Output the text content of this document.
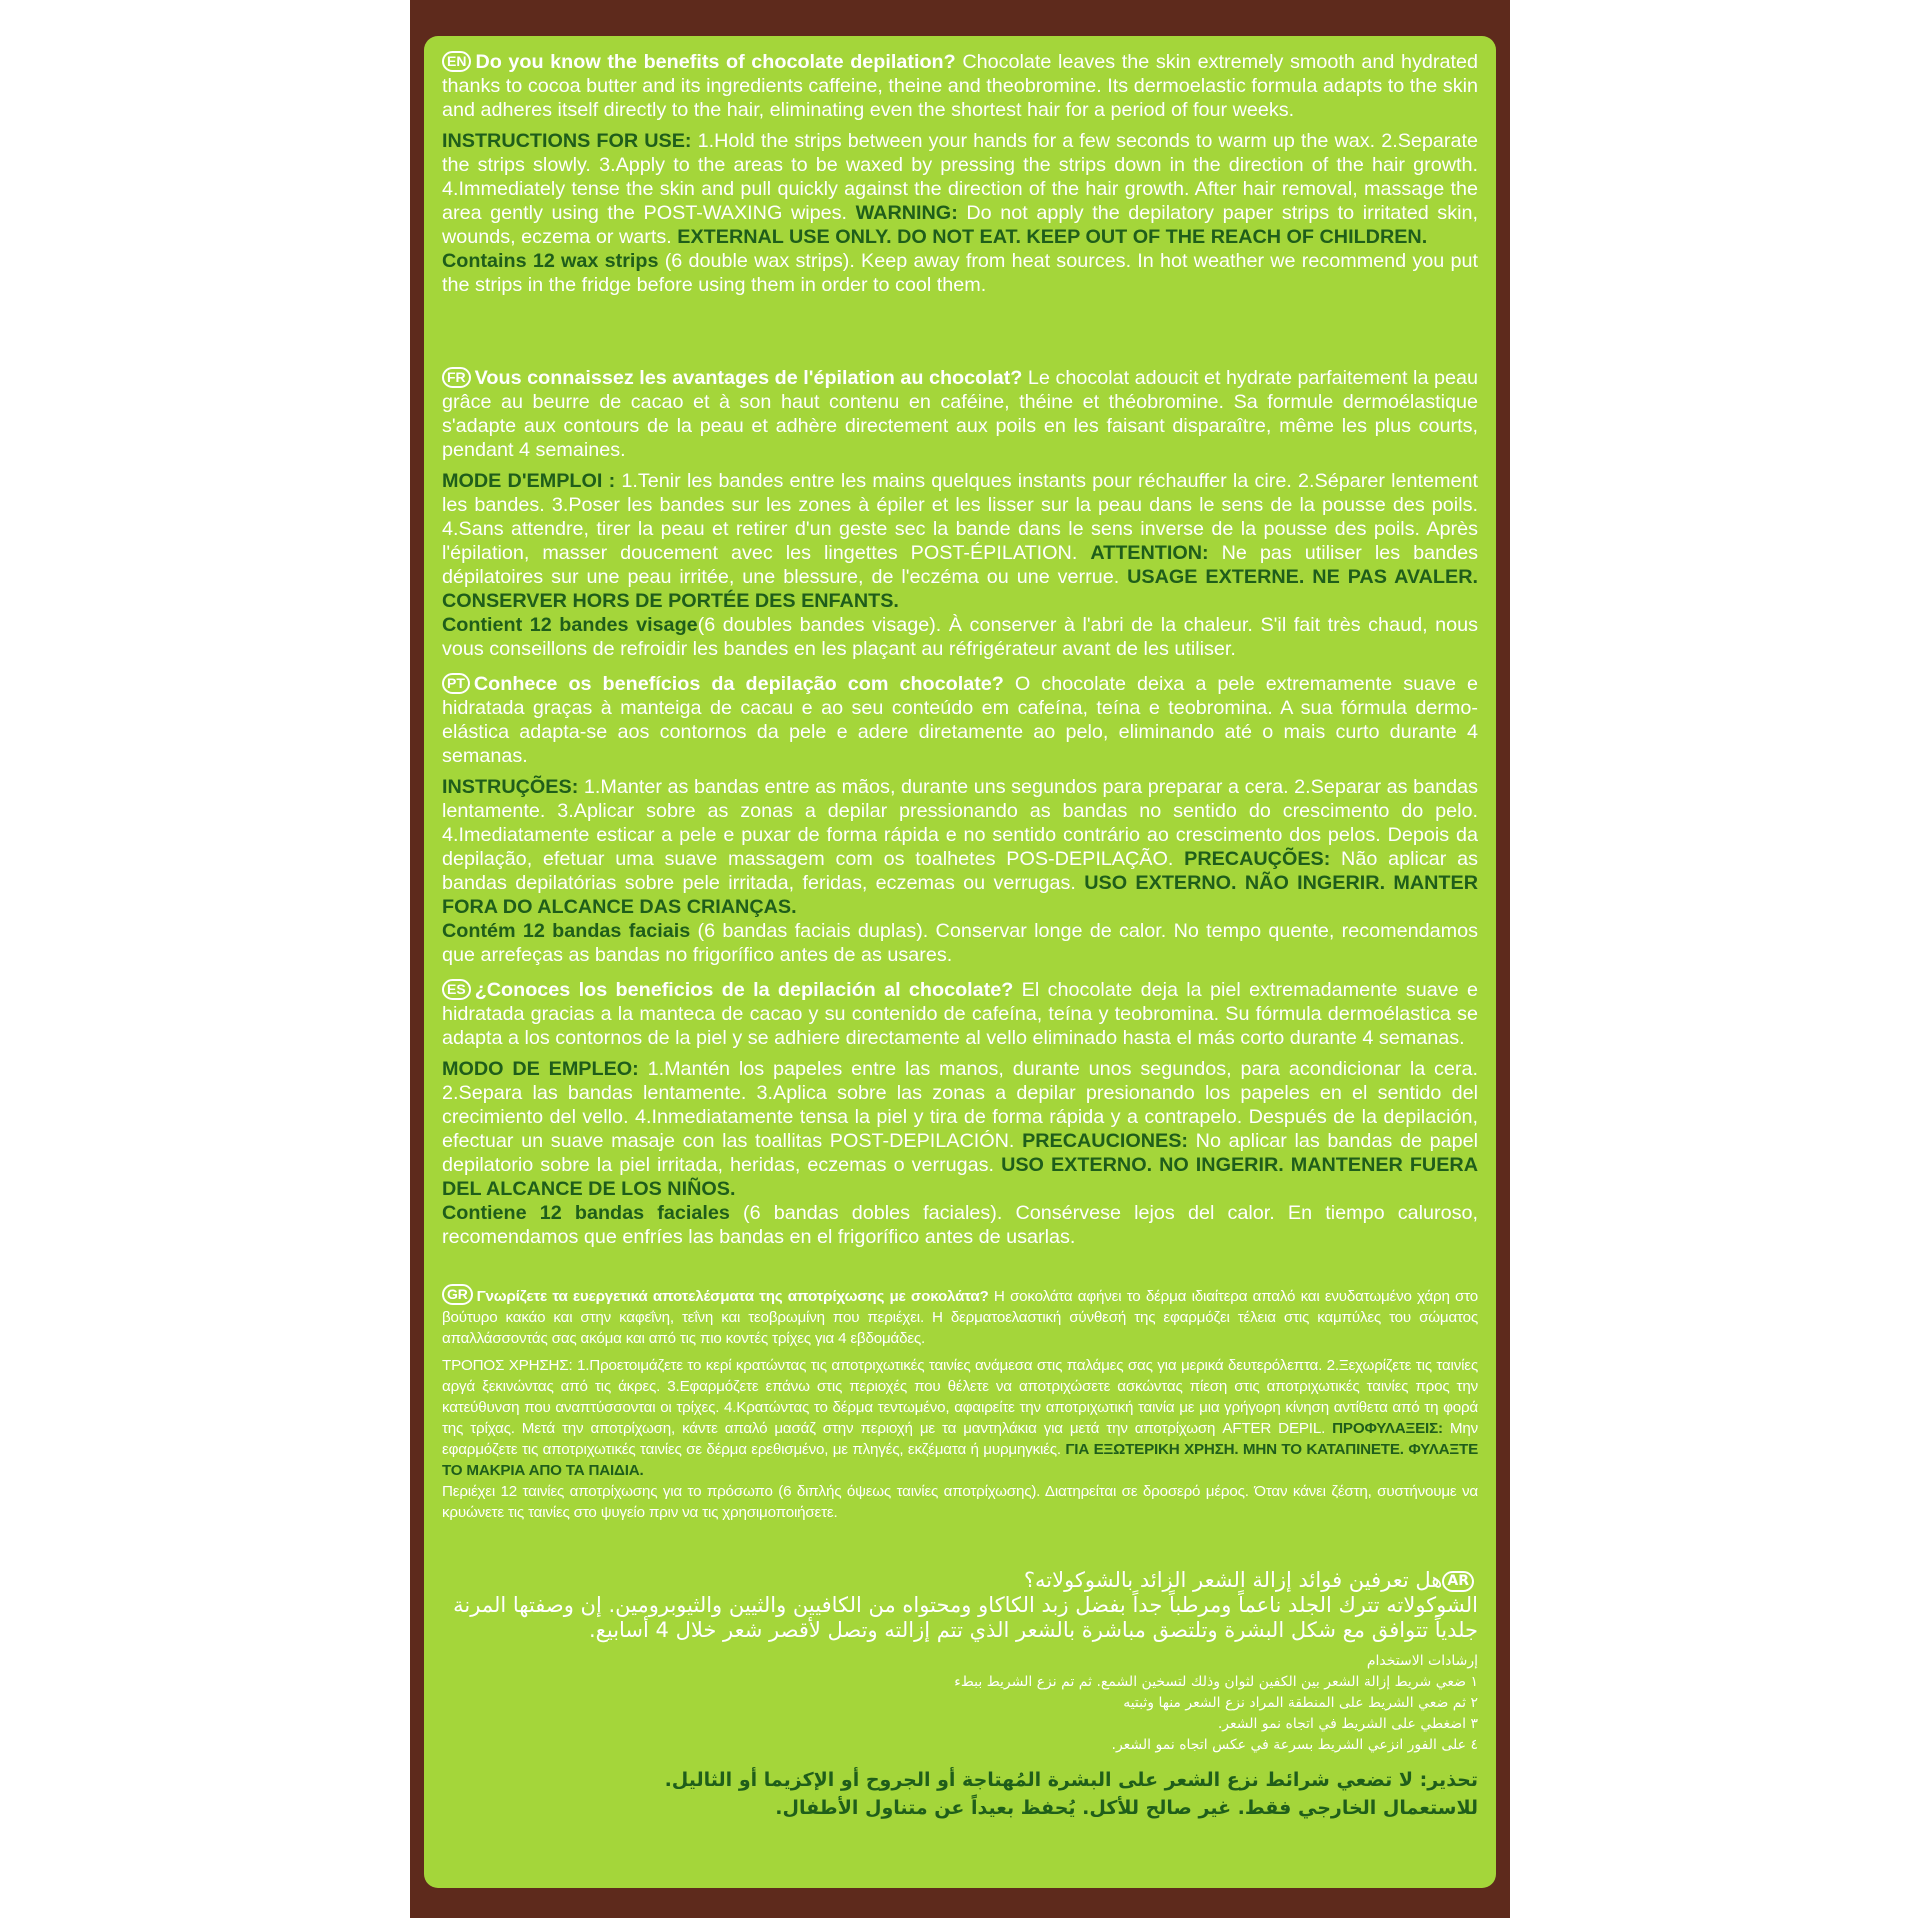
EN Do you know the benefits of chocolate depilation? Chocolate leaves the skin extremely smooth and hydrated thanks to cocoa butter and its ingredients caffeine, theine and theobromine. Its dermoelastic formula adapts to the skin and adheres itself directly to the hair, eliminating even the shortest hair for a period of four weeks.

INSTRUCTIONS FOR USE: 1.Hold the strips between your hands for a few seconds to warm up the wax. 2.Separate the strips slowly. 3.Apply to the areas to be waxed by pressing the strips down in the direction of the hair growth. 4.Immediately tense the skin and pull quickly against the direction of the hair growth. After hair removal, massage the area gently using the POST-WAXING wipes. WARNING: Do not apply the depilatory paper strips to irritated skin, wounds, eczema or warts. EXTERNAL USE ONLY. DO NOT EAT. KEEP OUT OF THE REACH OF CHILDREN.

Contains 12 wax strips (6 double wax strips). Keep away from heat sources. In hot weather we recommend you put the strips in the fridge before using them in order to cool them.

FR Vous connaissez les avantages de l'épilation au chocolat? Le chocolat adoucit et hydrate parfaitement la peau grâce au beurre de cacao et à son haut contenu en caféine, théine et théobromine. Sa formule dermoélastique s'adapte aux contours de la peau et adhère directement aux poils en les faisant disparaître, même les plus courts, pendant 4 semaines.

MODE D'EMPLOI : 1.Tenir les bandes entre les mains quelques instants pour réchauffer la cire. 2.Séparer lentement les bandes. 3.Poser les bandes sur les zones à épiler et les lisser sur la peau dans le sens de la pousse des poils. 4.Sans attendre, tirer la peau et retirer d'un geste sec la bande dans le sens inverse de la pousse des poils. Après l'épilation, masser doucement avec les lingettes POST-ÉPILATION. ATTENTION: Ne pas utiliser les bandes dépilatoires sur une peau irritée, une blessure, de l'eczéma ou une verrue. USAGE EXTERNE. NE PAS AVALER. CONSERVER HORS DE PORTÉE DES ENFANTS.

Contient 12 bandes visage(6 doubles bandes visage). À conserver à l'abri de la chaleur. S'il fait très chaud, nous vous conseillons de refroidir les bandes en les plaçant au réfrigérateur avant de les utiliser.

PT Conhece os benefícios da depilação com chocolate? O chocolate deixa a pele extremamente suave e hidratada graças à manteiga de cacau e ao seu conteúdo em cafeína, teína e teobromina. A sua fórmula dermo-elástica adapta-se aos contornos da pele e adere diretamente ao pelo, eliminando até o mais curto durante 4 semanas.

INSTRUÇÕES: 1.Manter as bandas entre as mãos, durante uns segundos para preparar a cera. 2.Separar as bandas lentamente. 3.Aplicar sobre as zonas a depilar pressionando as bandas no sentido do crescimento do pelo. 4.Imediatamente esticar a pele e puxar de forma rápida e no sentido contrário ao crescimento dos pelos. Depois da depilação, efetuar uma suave massagem com os toalhetes POS-DEPILAÇÃO. PRECAUÇÕES: Não aplicar as bandas depilatórias sobre pele irritada, feridas, eczemas ou verrugas. USO EXTERNO. NÃO INGERIR. MANTER FORA DO ALCANCE DAS CRIANÇAS.

Contém 12 bandas faciais (6 bandas faciais duplas). Conservar longe de calor. No tempo quente, recomendamos que arrefeças as bandas no frigorífico antes de as usares.

ES ¿Conoces los beneficios de la depilación al chocolate? El chocolate deja la piel extremadamente suave e hidratada gracias a la manteca de cacao y su contenido de cafeína, teína y teobromina. Su fórmula dermoélastica se adapta a los contornos de la piel y se adhiere directamente al vello eliminado hasta el más corto durante 4 semanas.

MODO DE EMPLEO: 1.Mantén los papeles entre las manos, durante unos segundos, para acondicionar la cera. 2.Separa las bandas lentamente. 3.Aplica sobre las zonas a depilar presionando los papeles en el sentido del crecimiento del vello. 4.Inmediatamente tensa la piel y tira de forma rápida y a contrapelo. Después de la depilación, efectuar un suave masaje con las toallitas POST-DEPILACIÓN. PRECAUCIONES: No aplicar las bandas de papel depilatorio sobre la piel irritada, heridas, eczemas o verrugas. USO EXTERNO. NO INGERIR. MANTENER FUERA DEL ALCANCE DE LOS NIÑOS.

Contiene 12 bandas faciales (6 bandas dobles faciales). Consérvese lejos del calor. En tiempo caluroso, recomendamos que enfríes las bandas en el frigorífico antes de usarlas.

GR Γνωρίζετε τα ευεργετικά αποτελέσματα της αποτρίχωσης με σοκολάτα? Η σοκολάτα αφήνει το δέρμα ιδιαίτερα απαλό και ενυδατωμένο χάρη στο βούτυρο κακάο και στην καφεΐνη, τεΐνη και τεοβρωμίνη που περιέχει. Η δερματοελαστική σύνθεσή της εφαρμόζει τέλεια στις καμπύλες του σώματος απαλλάσσοντάς σας ακόμα και από τις πιο κοντές τρίχες για 4 εβδομάδες.

ΤΡΟΠΟΣ ΧΡΗΣΗΣ: 1.Προετοιμάζετε το κερί κρατώντας τις αποτριχωτικές ταινίες ανάμεσα στις παλάμες σας για μερικά δευτερόλεπτα. 2.Ξεχωρίζετε τις ταινίες αργά ξεκινώντας από τις άκρες. 3.Εφαρμόζετε επάνω στις περιοχές που θέλετε να αποτριχώσετε ασκώντας πίεση στις αποτριχωτικές ταινίες προς την κατεύθυνση που αναπτύσσονται οι τρίχες. 4.Κρατώντας το δέρμα τεντωμένο, αφαιρείτε την αποτριχωτική ταινία με μια γρήγορη κίνηση αντίθετα από τη φορά της τρίχας. Μετά την αποτρίχωση, κάντε απαλό μασάζ στην περιοχή με τα μαντηλάκια για μετά την αποτρίχωση AFTER DEPIL. ΠΡΟΦΥΛΑΞΕΙΣ: Μην εφαρμόζετε τις αποτριχωτικές ταινίες σε δέρμα ερεθισμένο, με πληγές, εκζέματα ή μυρμηγκιές. ΓΙΑ ΕΞΩΤΕΡΙΚΗ ΧΡΗΣΗ. ΜΗΝ ΤΟ ΚΑΤΑΠΙΝΕΤΕ. ΦΥΛΑΞΤΕ ΤΟ ΜΑΚΡΙΑ ΑΠΟ ΤΑ ΠΑΙΔΙΑ.

Περιέχει 12 ταινίες αποτρίχωσης για το πρόσωπο (6 διπλής όψεως ταινίες αποτρίχωσης). Διατηρείται σε δροσερό μέρος. Όταν κάνει ζέστη, συστήνουμε να κρυώνετε τις ταινίες στο ψυγείο πριν να τις χρησιμοποιήσετε.

ARهل تعرفين فوائد إزالة الشعر الزائد بالشوكولاته؟

الشوكولاته تترك الجلد ناعماً ومرطباً جداً بفضل زبد الكاكاو ومحتواه من الكافيين والثيين والثيوبرومين. إن وصفتها المرنة جلدياً تتوافق مع شكل البشرة وتلتصق مباشرة بالشعر الذي تتم إزالته وتصل لأقصر شعر خلال 4 أسابيع.

إرشادات الاستخدام

١ ضعي شريط إزالة الشعر بين الكفين لثوان وذلك لتسخين الشمع. ثم تم نزع الشريط ببطء

٢ ثم ضعي الشريط على المنطقة المراد نزع الشعر منها وثبتيه

٣ اضغطي على الشريط في اتجاه نمو الشعر.

٤ على الفور انزعي الشريط بسرعة في عكس اتجاه نمو الشعر.

تحذير: لا تضعي شرائط نزع الشعر على البشرة المُهتاجة أو الجروح أو الإكزيما أو الثاليل.

للاستعمال الخارجي فقط. غير صالح للأكل. يُحفظ بعيداً عن متناول الأطفال.
